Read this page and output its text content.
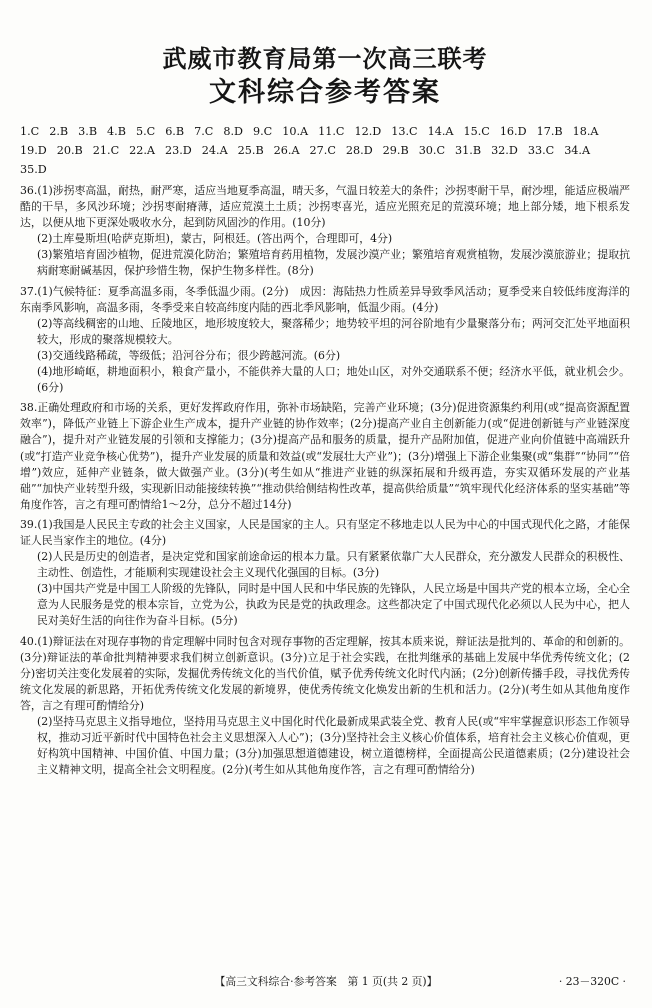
武威市教育局第一次高三联考
文科综合参考答案
1.C 2.B 3.B 4.B 5.C 6.B 7.C 8.D 9.C 10.A 11.C 12.D 13.C 14.A 15.C 16.D 17.B 18.A19.D 20.B 21.C 22.A 23.D 24.A 25.B 26.A 27.C 28.D 29.B 30.C 31.B 32.D 33.C 34.A35.D

36.(1)涉拐枣高温，耐热，耐严寒，适应当地夏季高温，晴天多，气温日较差大的条件；沙拐枣耐干旱，耐沙埋，能适应极端严酷的干旱，多风沙环境；沙拐枣耐瘠薄，适应荒漠土土质；沙拐枣喜光，适应光照充足的荒漠环境；地上部分矮，地下根系发达，以便从地下更深处吸收水分，起到防风固沙的作用。(10分)

(2)土库曼斯坦(哈萨克斯坦)，蒙古，阿根廷。(答出两个，合理即可，4分)

(3)繁殖培育固沙植物，促进荒漠化防治；繁殖培育药用植物，发展沙漠产业；繁殖培育观赏植物，发展沙漠旅游业；提取抗病耐寒耐碱基因，保护珍惜生物，保护生物多样性。(8分)

37.(1)气候特征：夏季高温多雨，冬季低温少雨。(2分)　成因：海陆热力性质差异导致季风活动；夏季受来自较低纬度海洋的东南季风影响，高温多雨，冬季受来自较高纬度内陆的西北季风影响，低温少雨。(4分)

(2)等高线稠密的山地、丘陵地区，地形坡度较大，聚落稀少；地势较平坦的河谷阶地有少量聚落分布；两河交汇处平地面积较大，形成的聚落规模较大。

(3)交通线路稀疏，等级低；沿河谷分布；很少跨越河流。(6分)

(4)地形崎岖，耕地面积小，粮食产量小，不能供养大量的人口；地处山区，对外交通联系不便；经济水平低，就业机会少。(6分)

38.正确处理政府和市场的关系，更好发挥政府作用，弥补市场缺陷，完善产业环境；(3分)促进资源集约利用(或“提高资源配置效率”)，降低产业链上下游企业生产成本，提升产业链的协作效率；(2分)提高产业自主创新能力(或“促进创新链与产业链深度融合”)，提升对产业链发展的引领和支撑能力；(3分)提高产品和服务的质量，提升产品附加值，促进产业向价值链中高端跃升(或“打造产业竞争核心优势”)，提升产业发展的质量和效益(或“发展壮大产业”)；(3分)增强上下游企业集聚(或“集群”“协同”“倍增”)效应，延伸产业链条，做大做强产业。(3分)(考生如从“推进产业链的纵深拓展和升级再造，夯实双循环发展的产业基础”“加快产业转型升级，实现新旧动能接续转换”“推动供给侧结构性改革，提高供给质量”“筑牢现代化经济体系的坚实基础”等角度作答，言之有理可酌情给1～2分，总分不超过14分)

39.(1)我国是人民民主专政的社会主义国家，人民是国家的主人。只有坚定不移地走以人民为中心的中国式现代化之路，才能保证人民当家作主的地位。(4分)

(2)人民是历史的创造者，是决定党和国家前途命运的根本力量。只有紧紧依靠广大人民群众，充分激发人民群众的积极性、主动性、创造性，才能顺利实现建设社会主义现代化强国的目标。(3分)

(3)中国共产党是中国工人阶级的先锋队，同时是中国人民和中华民族的先锋队，人民立场是中国共产党的根本立场，全心全意为人民服务是党的根本宗旨，立党为公，执政为民是党的执政理念。这些都决定了中国式现代化必须以人民为中心，把人民对美好生活的向往作为奋斗目标。(5分)

40.(1)辩证法在对现存事物的肯定理解中同时包含对现存事物的否定理解，按其本质来说，辩证法是批判的、革命的和创新的。(3分)辩证法的革命批判精神要求我们树立创新意识。(3分)立足于社会实践，在批判继承的基础上发展中华优秀传统文化；(2分)密切关注变化发展着的实际，发掘优秀传统文化的当代价值，赋予优秀传统文化时代内涵；(2分)创新传播手段，寻找优秀传统文化发展的新思路，开拓优秀传统文化发展的新境界，使优秀传统文化焕发出新的生机和活力。(2分)(考生如从其他角度作答，言之有理可酌情给分)

(2)坚持马克思主义指导地位，坚持用马克思主义中国化时代化最新成果武装全党、教育人民(或“牢牢掌握意识形态工作领导权，推动习近平新时代中国特色社会主义思想深入人心”)；(3分)坚持社会主义核心价值体系，培育社会主义核心价值观，更好构筑中国精神、中国价值、中国力量；(3分)加强思想道德建设，树立道德榜样，全面提高公民道德素质；(2分)建设社会主义精神文明，提高全社会文明程度。(2分)(考生如从其他角度作答，言之有理可酌情给分)

【高三文科综合·参考答案　第 1 页(共 2 页)】	· 23－320C ·
